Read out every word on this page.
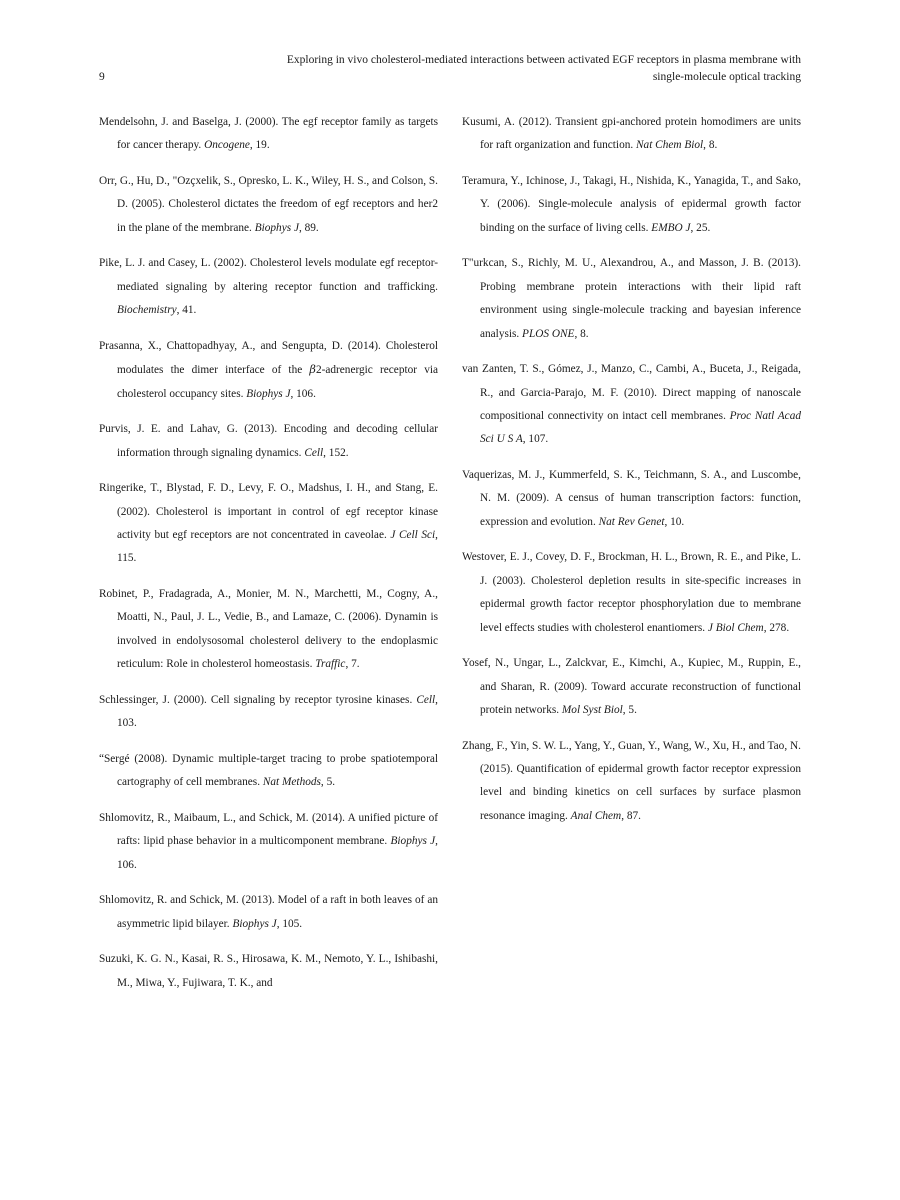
9
Exploring in vivo cholesterol-mediated interactions between activated EGF receptors in plasma membrane with
single-molecule optical tracking

Mendelsohn, J. and Baselga, J. (2000). The egf receptor family as targets for cancer therapy. Oncogene, 19.

Orr, G., Hu, D., "Ozçxelik, S., Opresko, L. K., Wiley, H. S., and Colson, S. D. (2005). Cholesterol dictates the freedom of egf receptors and her2 in the plane of the membrane. Biophys J, 89.

Pike, L. J. and Casey, L. (2002). Cholesterol levels modulate egf receptor-mediated signaling by altering receptor function and trafficking. Biochemistry, 41.

Prasanna, X., Chattopadhyay, A., and Sengupta, D. (2014). Cholesterol modulates the dimer interface of the β2-adrenergic receptor via cholesterol occupancy sites. Biophys J, 106.

Purvis, J. E. and Lahav, G. (2013). Encoding and decoding cellular information through signaling dynamics. Cell, 152.

Ringerike, T., Blystad, F. D., Levy, F. O., Madshus, I. H., and Stang, E. (2002). Cholesterol is important in control of egf receptor kinase activity but egf receptors are not concentrated in caveolae. J Cell Sci, 115.

Robinet, P., Fradagrada, A., Monier, M. N., Marchetti, M., Cogny, A., Moatti, N., Paul, J. L., Vedie, B., and Lamaze, C. (2006). Dynamin is involved in endolysosomal cholesterol delivery to the endoplasmic reticulum: Role in cholesterol homeostasis. Traffic, 7.

Schlessinger, J. (2000). Cell signaling by receptor tyrosine kinases. Cell, 103.

“Sergé (2008). Dynamic multiple-target tracing to probe spatiotemporal cartography of cell membranes. Nat Methods, 5.

Shlomovitz, R., Maibaum, L., and Schick, M. (2014). A unified picture of rafts: lipid phase behavior in a multicomponent membrane. Biophys J, 106.

Shlomovitz, R. and Schick, M. (2013). Model of a raft in both leaves of an asymmetric lipid bilayer. Biophys J, 105.

Suzuki, K. G. N., Kasai, R. S., Hirosawa, K. M., Nemoto, Y. L., Ishibashi, M., Miwa, Y., Fujiwara, T. K., and

Kusumi, A. (2012). Transient gpi-anchored protein homodimers are units for raft organization and function. Nat Chem Biol, 8.

Teramura, Y., Ichinose, J., Takagi, H., Nishida, K., Yanagida, T., and Sako, Y. (2006). Single-molecule analysis of epidermal growth factor binding on the surface of living cells. EMBO J, 25.

T"urkcan, S., Richly, M. U., Alexandrou, A., and Masson, J. B. (2013). Probing membrane protein interactions with their lipid raft environment using single-molecule tracking and bayesian inference analysis. PLOS ONE, 8.

van Zanten, T. S., Gómez, J., Manzo, C., Cambi, A., Buceta, J., Reigada, R., and Garcia-Parajo, M. F. (2010). Direct mapping of nanoscale compositional connectivity on intact cell membranes. Proc Natl Acad Sci U S A, 107.

Vaquerizas, M. J., Kummerfeld, S. K., Teichmann, S. A., and Luscombe, N. M. (2009). A census of human transcription factors: function, expression and evolution. Nat Rev Genet, 10.

Westover, E. J., Covey, D. F., Brockman, H. L., Brown, R. E., and Pike, L. J. (2003). Cholesterol depletion results in site-specific increases in epidermal growth factor receptor phosphorylation due to membrane level effects studies with cholesterol enantiomers. J Biol Chem, 278.

Yosef, N., Ungar, L., Zalckvar, E., Kimchi, A., Kupiec, M., Ruppin, E., and Sharan, R. (2009). Toward accurate reconstruction of functional protein networks. Mol Syst Biol, 5.

Zhang, F., Yin, S. W. L., Yang, Y., Guan, Y., Wang, W., Xu, H., and Tao, N. (2015). Quantification of epidermal growth factor receptor expression level and binding kinetics on cell surfaces by surface plasmon resonance imaging. Anal Chem, 87.
